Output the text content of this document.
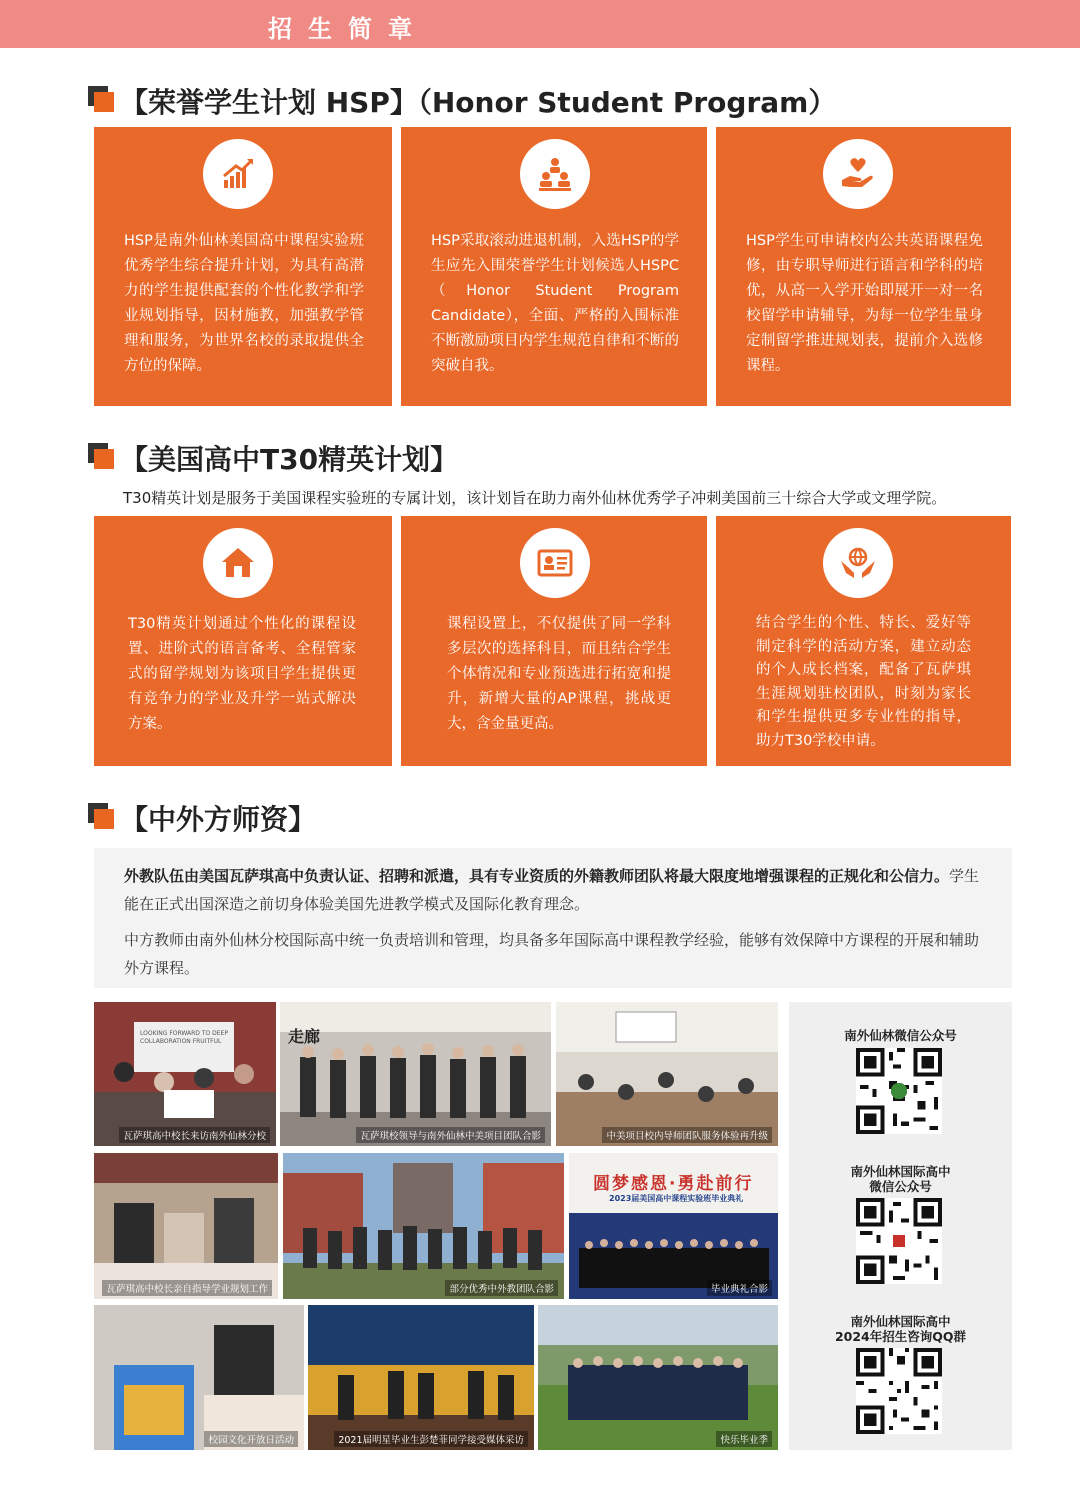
招生简章
【荣誉学生计划 HSP】（Honor Student Program）
HSP是南外仙林美国高中课程实验班优秀学生综合提升计划，为具有高潜力的学生提供配套的个性化教学和学业规划指导，因材施教，加强教学管理和服务，为世界名校的录取提供全方位的保障。
HSP采取滚动进退机制，入选HSP的学生应先入围荣誉学生计划候选人HSPC（Honor Student Program Candidate），全面、严格的入围标准不断激励项目内学生规范自律和不断的突破自我。
HSP学生可申请校内公共英语课程免修，由专职导师进行语言和学科的培优，从高一入学开始即展开一对一名校留学申请辅导，为每一位学生量身定制留学推进规划表，提前介入选修课程。
【美国高中T30精英计划】
T30精英计划是服务于美国课程实验班的专属计划，该计划旨在助力南外仙林优秀学子冲刺美国前三十综合大学或文理学院。
T30精英计划通过个性化的课程设置、进阶式的语言备考、全程管家式的留学规划为该项目学生提供更有竞争力的学业及升学一站式解决方案。
课程设置上，不仅提供了同一学科多层次的选择科目，而且结合学生个体情况和专业预选进行拓宽和提升，新增大量的AP课程，挑战更大，含金量更高。
结合学生的个性、特长、爱好等制定科学的活动方案，建立动态的个人成长档案，配备了瓦萨琪生涯规划驻校团队，时刻为家长和学生提供更多专业性的指导，助力T30学校申请。
【中外方师资】

外教队伍由美国瓦萨琪高中负责认证、招聘和派遣，具有专业资质的外籍教师团队将最大限度地增强课程的正规化和公信力。学生能在正式出国深造之前切身体验美国先进教学模式及国际化教育理念。

中方教师由南外仙林分校国际高中统一负责培训和管理，均具备多年国际高中课程教学经验，能够有效保障中方课程的开展和辅助外方课程。

LOOKING FORWARD TO DEEP COLLABORATION FRUITFUL
瓦萨琪高中校长来访南外仙林分校
走廊
瓦萨琪校领导与南外仙林中美项目团队合影	中美项目校内导师团队服务体验再升级
瓦萨琪高中校长亲自指导学业规划工作	部分优秀中外教团队合影
圆梦感恩·勇赴前行
2023届美国高中课程实验班毕业典礼
毕业典礼合影
校园文化开放日活动	2021届明星毕业生彭楚菲同学接受媒体采访	快乐毕业季
南外仙林微信公众号
南外仙林国际高中
微信公众号
南外仙林国际高中
2024年招生咨询QQ群
